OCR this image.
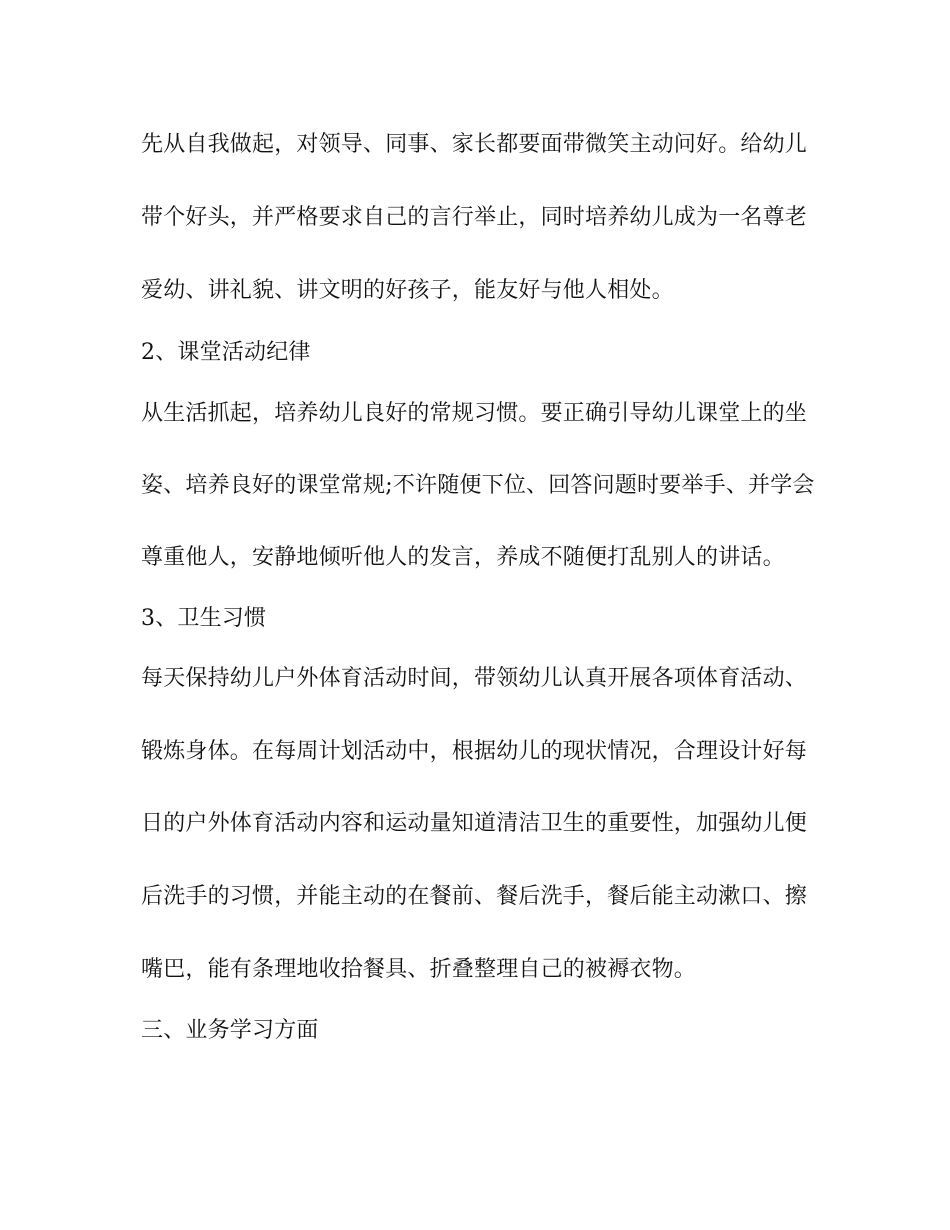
先从自我做起，对领导、同事、家长都要面带微笑主动问好。给幼儿
带个好头，并严格要求自己的言行举止，同时培养幼儿成为一名尊老
爱幼、讲礼貌、讲文明的好孩子，能友好与他人相处。
2、课堂活动纪律
从生活抓起，培养幼儿良好的常规习惯。要正确引导幼儿课堂上的坐
姿、培养良好的课堂常规;不许随便下位、回答问题时要举手、并学会
尊重他人，安静地倾听他人的发言，养成不随便打乱别人的讲话。
3、卫生习惯
每天保持幼儿户外体育活动时间，带领幼儿认真开展各项体育活动、
锻炼身体。在每周计划活动中，根据幼儿的现状情况，合理设计好每
日的户外体育活动内容和运动量知道清洁卫生的重要性，加强幼儿便
后洗手的习惯，并能主动的在餐前、餐后洗手，餐后能主动漱口、擦
嘴巴，能有条理地收拾餐具、折叠整理自己的被褥衣物。
三、业务学习方面
